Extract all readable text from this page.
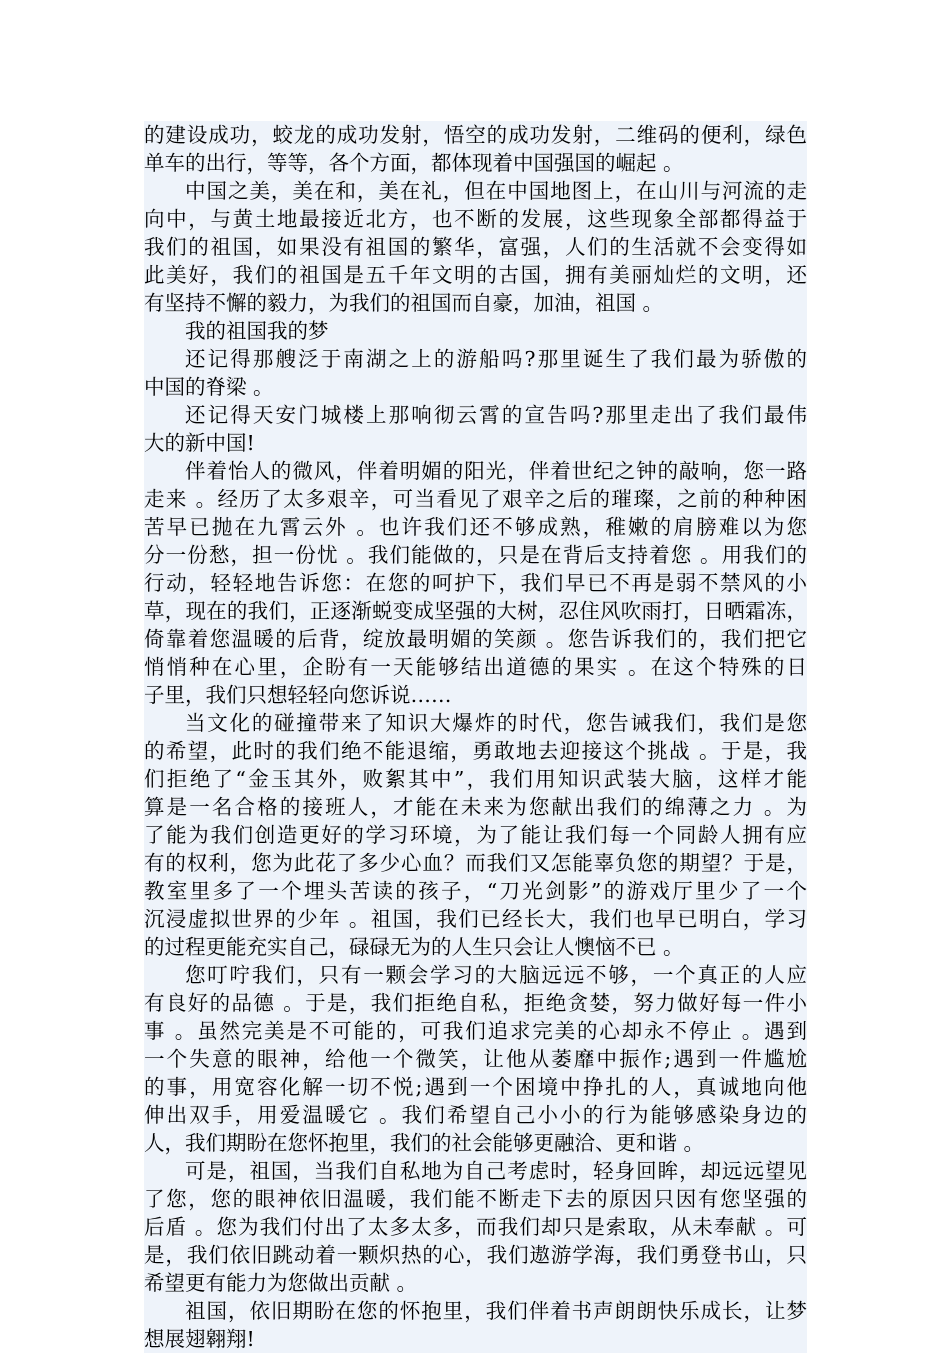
的建设成功，蛟龙的成功发射，悟空的成功发射，二维码的便利，绿色
单车的出行，等等，各个方面，都体现着中国强国的崛起 。
中国之美，美在和，美在礼，但在中国地图上，在山川与河流的走
向中，与黄土地最接近北方，也不断的发展，这些现象全部都得益于
我们的祖国，如果没有祖国的繁华，富强，人们的生活就不会变得如
此美好，我们的祖国是五千年文明的古国，拥有美丽灿烂的文明，还
有坚持不懈的毅力，为我们的祖国而自豪，加油，祖国 。
我的祖国我的梦
还记得那艘泛于南湖之上的游船吗?那里诞生了我们最为骄傲的
中国的脊梁 。
还记得天安门城楼上那响彻云霄的宣告吗?那里走出了我们最伟
大的新中国!
伴着怡人的微风，伴着明媚的阳光，伴着世纪之钟的敲响，您一路
走来 。经历了太多艰辛，可当看见了艰辛之后的璀璨，之前的种种困
苦早已抛在九霄云外 。也许我们还不够成熟，稚嫩的肩膀难以为您
分一份愁，担一份忧 。我们能做的，只是在背后支持着您 。用我们的
行动，轻轻地告诉您：在您的呵护下，我们早已不再是弱不禁风的小
草，现在的我们，正逐渐蜕变成坚强的大树，忍住风吹雨打，日晒霜冻，
倚靠着您温暖的后背，绽放最明媚的笑颜 。您告诉我们的，我们把它
悄悄种在心里，企盼有一天能够结出道德的果实 。在这个特殊的日
子里，我们只想轻轻向您诉说……
当文化的碰撞带来了知识大爆炸的时代，您告诫我们，我们是您
的希望，此时的我们绝不能退缩，勇敢地去迎接这个挑战 。于是，我
们拒绝了“金玉其外，败絮其中”，我们用知识武装大脑，这样才能
算是一名合格的接班人，才能在未来为您献出我们的绵薄之力 。为
了能为我们创造更好的学习环境，为了能让我们每一个同龄人拥有应
有的权利，您为此花了多少心血？而我们又怎能辜负您的期望？于是，
教室里多了一个埋头苦读的孩子，“刀光剑影”的游戏厅里少了一个
沉浸虚拟世界的少年 。祖国，我们已经长大，我们也早已明白，学习
的过程更能充实自己，碌碌无为的人生只会让人懊恼不已 。
您叮咛我们，只有一颗会学习的大脑远远不够，一个真正的人应
有良好的品德 。于是，我们拒绝自私，拒绝贪婪，努力做好每一件小
事 。虽然完美是不可能的，可我们追求完美的心却永不停止 。遇到
一个失意的眼神，给他一个微笑，让他从萎靡中振作;遇到一件尴尬
的事，用宽容化解一切不悦;遇到一个困境中挣扎的人，真诚地向他
伸出双手，用爱温暖它 。我们希望自己小小的行为能够感染身边的
人，我们期盼在您怀抱里，我们的社会能够更融洽、更和谐 。
可是，祖国，当我们自私地为自己考虑时，轻身回眸，却远远望见
了您，您的眼神依旧温暖，我们能不断走下去的原因只因有您坚强的
后盾 。您为我们付出了太多太多，而我们却只是索取，从未奉献 。可
是，我们依旧跳动着一颗炽热的心，我们遨游学海，我们勇登书山，只
希望更有能力为您做出贡献 。
祖国，依旧期盼在您的怀抱里，我们伴着书声朗朗快乐成长，让梦
想展翅翱翔!
